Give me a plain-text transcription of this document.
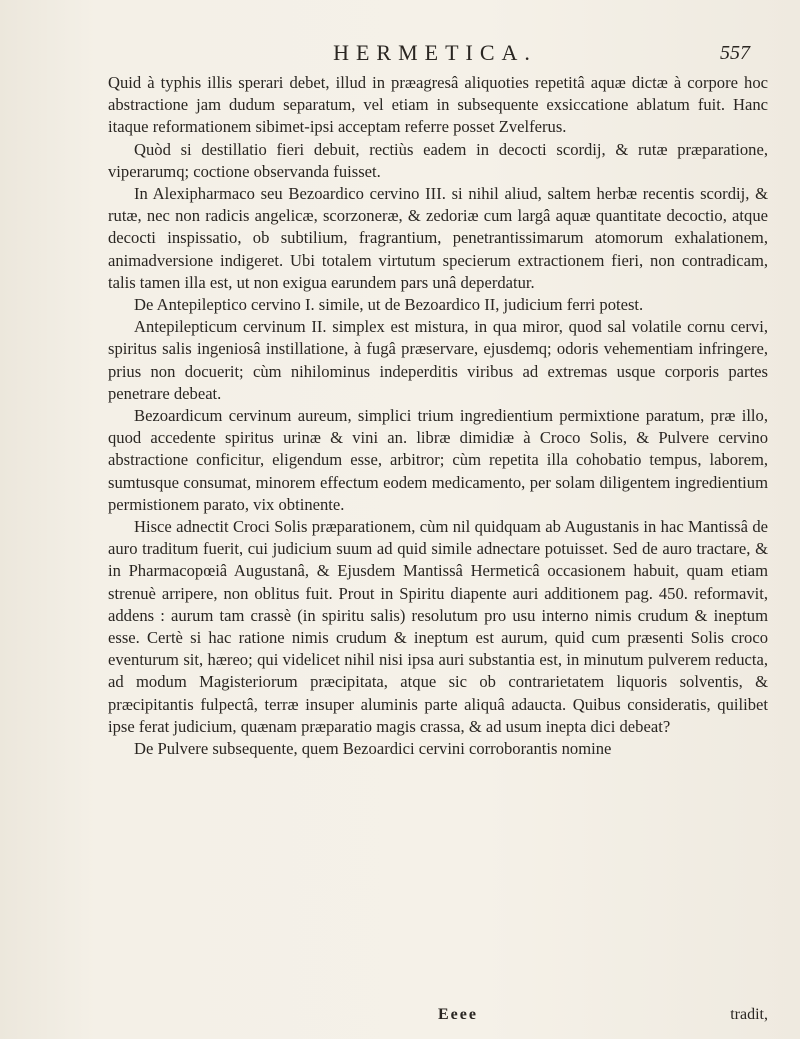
HERMETICA.	557

Quid à typhis illis sperari debet, illud in præagresâ aliquoties repetitâ aquæ dictæ à corpore hoc abstractione jam dudum separatum, vel etiam in subsequente exsiccatione ablatum fuit. Hanc itaque reformationem sibimet-ipsi acceptam referre posset Zvelferus.

Quòd si destillatio fieri debuit, rectiùs eadem in decocti scordij, & rutæ præparatione, viperarumq; coctione observanda fuisset.

In Alexipharmaco seu Bezoardico cervino III. si nihil aliud, saltem herbæ recentis scordij, & rutæ, nec non radicis angelicæ, scorzoneræ, & zedoriæ cum largâ aquæ quantitate decoctio, atque decocti inspissatio, ob subtilium, fragrantium, penetrantissimarum atomorum exhalationem, animadversione indigeret. Ubi totalem virtutum specierum extractionem fieri, non contradicam, talis tamen illa est, ut non exigua earundem pars unâ deperdatur.

De Antepileptico cervino I. simile, ut de Bezoardico II, judicium ferri potest.

Antepilepticum cervinum II. simplex est mistura, in qua miror, quod sal volatile cornu cervi, spiritus salis ingeniosâ instillatione, à fugâ præservare, ejusdemq; odoris vehementiam infringere, prius non docuerit; cùm nihilominus indeperditis viribus ad extremas usque corporis partes penetrare debeat.

Bezoardicum cervinum aureum, simplici trium ingredientium permixtione paratum, præ illo, quod accedente spiritus urinæ & vini an. libræ dimidiæ à Croco Solis, & Pulvere cervino abstractione conficitur, eligendum esse, arbitror; cùm repetita illa cohobatio tempus, laborem, sumtusque consumat, minorem effectum eodem medicamento, per solam diligentem ingredientium permistionem parato, vix obtinente.

Hisce adnectit Croci Solis præparationem, cùm nil quidquam ab Augustanis in hac Mantissâ de auro traditum fuerit, cui judicium suum ad quid simile adnectare potuisset. Sed de auro tractare, & in Pharmacopœiâ Augustanâ, & Ejusdem Mantissâ Hermeticâ occasionem habuit, quam etiam strenuè arripere, non oblitus fuit. Prout in Spiritu diapente auri additionem pag. 450. reformavit, addens : aurum tam crassè (in spiritu salis) resolutum pro usu interno nimis crudum & ineptum esse. Certè si hac ratione nimis crudum & ineptum est aurum, quid cum præsenti Solis croco eventurum sit, hæreo; qui videlicet nihil nisi ipsa auri substantia est, in minutum pulverem reducta, ad modum Magisteriorum præcipitata, atque sic ob contrarietatem liquoris solventis, & præcipitantis fulpectâ, terræ insuper aluminis parte aliquâ adaucta. Quibus consideratis, quilibet ipse ferat judicium, quænam præparatio magis crassa, & ad usum inepta dici debeat?

De Pulvere subsequente, quem Bezoardici cervini corroborantis nomine

Eeee	tradit,
